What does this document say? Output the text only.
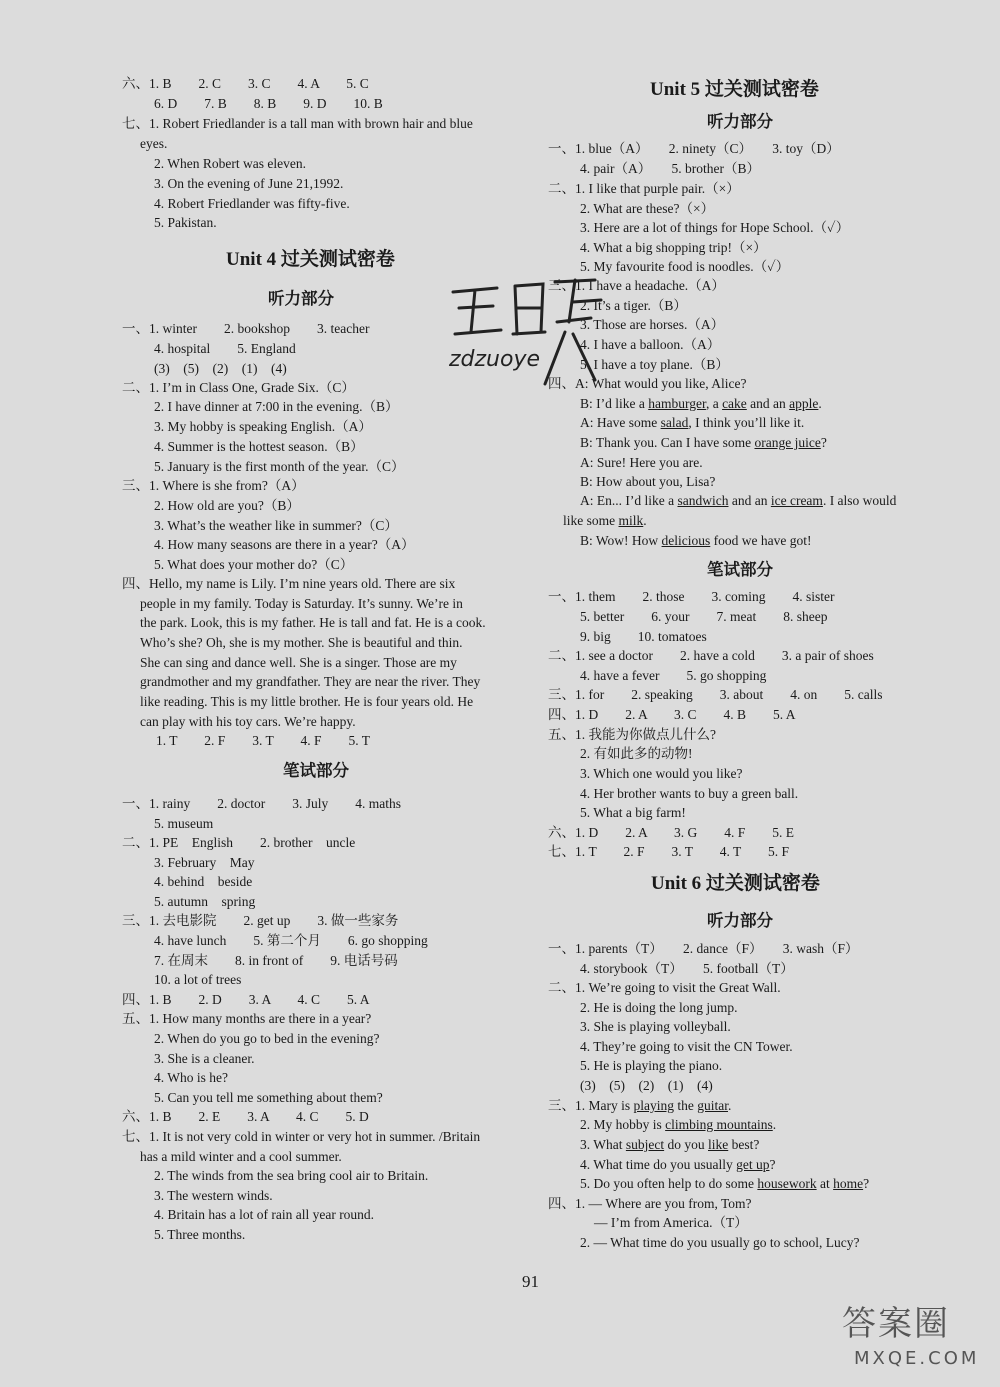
六、1. B　　2. C　　3. C　　4. A　　5. C
6. D　　7. B　　8. B　　9. D　　10. B
七、1. Robert Friedlander is a tall man with brown hair and blue
eyes.
2. When Robert was eleven.
3. On the evening of June 21,1992.
4. Robert Friedlander was fifty-five.
5. Pakistan.
一、1. winter　　2. bookshop　　3. teacher
4. hospital　　5. England
(3)　(5)　(2)　(1)　(4)
二、1. I’m in Class One, Grade Six.（C）
2. I have dinner at 7:00 in the evening.（B）
3. My hobby is speaking English.（A）
4. Summer is the hottest season.（B）
5. January is the first month of the year.（C）
三、1. Where is she from?（A）
2. How old are you?（B）
3. What’s the weather like in summer?（C）
4. How many seasons are there in a year?（A）
5. What does your mother do?（C）
四、Hello, my name is Lily. I’m nine years old. There are six
people in my family. Today is Saturday. It’s sunny. We’re in
the park. Look, this is my father. He is tall and fat. He is a cook.
Who’s she? Oh, she is my mother. She is beautiful and thin.
She can sing and dance well. She is a singer. Those are my
grandmother and my grandfather. They are near the river. They
like reading. This is my little brother. He is four years old. He
can play with his toy cars. We’re happy.
1. T　　2. F　　3. T　　4. F　　5. T
一、1. rainy　　2. doctor　　3. July　　4. maths
5. museum
二、1. PE　English　　2. brother　uncle
3. February　May
4. behind　beside
5. autumn　spring
三、1. 去电影院　　2. get up　　3. 做一些家务
4. have lunch　　5. 第二个月　　6. go shopping
7. 在周末　　8. in front of　　9. 电话号码
10. a lot of trees
四、1. B　　2. D　　3. A　　4. C　　5. A
五、1. How many months are there in a year?
2. When do you go to bed in the evening?
3. She is a cleaner.
4. Who is he?
5. Can you tell me something about them?
六、1. B　　2. E　　3. A　　4. C　　5. D
七、1. It is not very cold in winter or very hot in summer. /Britain
has a mild winter and a cool summer.
2. The winds from the sea bring cool air to Britain.
3. The western winds.
4. Britain has a lot of rain all year round.
5. Three months.
Unit 4 过关测试密卷
听力部分
笔试部分
一、1. blue（A）　　2. ninety（C）　　3. toy（D）
4. pair（A）　　5. brother（B）
二、1. I like that purple pair.（×）
2. What are these?（×）
3. Here are a lot of things for Hope School.（✓）
4. What a big shopping trip!（×）
5. My favourite food is noodles.（✓）
三、1. I have a headache.（A）
2. It’s a tiger.（B）
3. Those are horses.（A）
4. I have a balloon.（A）
5. I have a toy plane.（B）
一、1. them　　2. those　　3. coming　　4. sister
5. better　　6. your　　7. meat　　8. sheep
9. big　　10. tomatoes
二、1. see a doctor　　2. have a cold　　3. a pair of shoes
4. have a fever　　5. go shopping
三、1. for　　2. speaking　　3. about　　4. on　　5. calls
四、1. D　　2. A　　3. C　　4. B　　5. A
五、1. 我能为你做点儿什么?
2. 有如此多的动物!
3. Which one would you like?
4. Her brother wants to buy a green ball.
5. What a big farm!
六、1. D　　2. A　　3. G　　4. F　　5. E
七、1. T　　2. F　　3. T　　4. T　　5. F
一、1. parents（T）　　2. dance（F）　　3. wash（F）
4. storybook（T）　　5. football（T）
二、1. We’re going to visit the Great Wall.
2. He is doing the long jump.
3. She is playing volleyball.
4. They’re going to visit the CN Tower.
5. He is playing the piano.
(3)　(5)　(2)　(1)　(4)
Unit 5 过关测试密卷
听力部分
笔试部分
Unit 6 过关测试密卷
听力部分
四、A: What would you like, Alice?
B: I’d like a hamburger, a cake and an apple.
A: Have some salad, I think you’ll like it.
B: Thank you. Can I have some orange juice?
A: Sure! Here you are.
B: How about you, Lisa?
A: En... I’d like a sandwich and an ice cream. I also would
like some milk.
B: Wow! How delicious food we have got!
三、1. Mary is playing the guitar.
2. My hobby is climbing mountains.
3. What subject do you like best?
4. What time do you usually get up?
5. Do you often help to do some housework at home?
四、1. — Where are you from, Tom?
— I’m from America.（T）
2. — What time do you usually go to school, Lucy?
zdzuoye
答案圈
MXQE.COM
91
